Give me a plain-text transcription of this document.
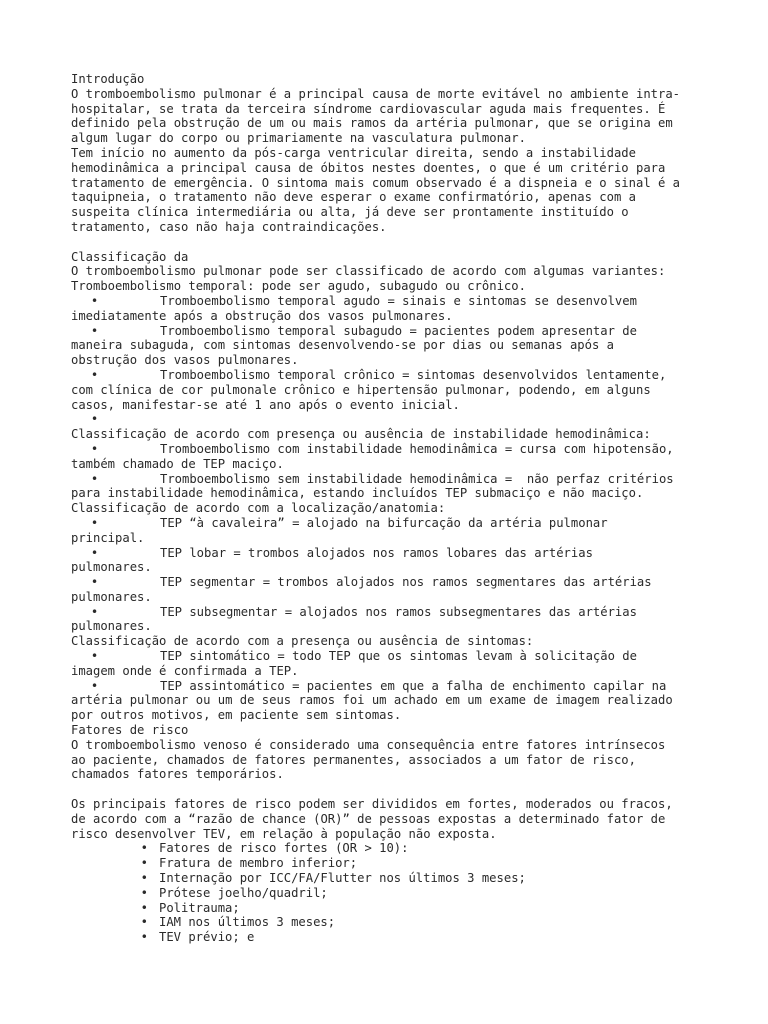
Introdução
O tromboembolismo pulmonar é a principal causa de morte evitável no ambiente intra-
hospitalar, se trata da terceira síndrome cardiovascular aguda mais frequentes. É
definido pela obstrução de um ou mais ramos da artéria pulmonar, que se origina em
algum lugar do corpo ou primariamente na vasculatura pulmonar.
Tem início no aumento da pós-carga ventricular direita, sendo a instabilidade
hemodinâmica a principal causa de óbitos nestes doentes, o que é um critério para
tratamento de emergência. O sintoma mais comum observado é a dispneia e o sinal é a
taquipneia, o tratamento não deve esperar o exame confirmatório, apenas com a
suspeita clínica intermediária ou alta, já deve ser prontamente instituído o
tratamento, caso não haja contraindicações.
Classificação da
O tromboembolismo pulmonar pode ser classificado de acordo com algumas variantes:
Tromboembolismo temporal: pode ser agudo, subagudo ou crônico.
•	Tromboembolismo temporal agudo = sinais e sintomas se desenvolvem
imediatamente após a obstrução dos vasos pulmonares.
•	Tromboembolismo temporal subagudo = pacientes podem apresentar de
maneira subaguda, com sintomas desenvolvendo-se por dias ou semanas após a
obstrução dos vasos pulmonares.
•	Tromboembolismo temporal crônico = sintomas desenvolvidos lentamente,
com clínica de cor pulmonale crônico e hipertensão pulmonar, podendo, em alguns
casos, manifestar-se até 1 ano após o evento inicial.
•
Classificação de acordo com presença ou ausência de instabilidade hemodinâmica:
•	Tromboembolismo com instabilidade hemodinâmica = cursa com hipotensão,
também chamado de TEP maciço.
•	Tromboembolismo sem instabilidade hemodinâmica =  não perfaz critérios
para instabilidade hemodinâmica, estando incluídos TEP submaciço e não maciço.
Classificação de acordo com a localização/anatomia:
•	TEP “à cavaleira” = alojado na bifurcação da artéria pulmonar
principal.
•	TEP lobar = trombos alojados nos ramos lobares das artérias
pulmonares.
•	TEP segmentar = trombos alojados nos ramos segmentares das artérias
pulmonares.
•	TEP subsegmentar = alojados nos ramos subsegmentares das artérias
pulmonares.
Classificação de acordo com a presença ou ausência de sintomas:
•	TEP sintomático = todo TEP que os sintomas levam à solicitação de
imagem onde é confirmada a TEP.
•	TEP assintomático = pacientes em que a falha de enchimento capilar na
artéria pulmonar ou um de seus ramos foi um achado em um exame de imagem realizado
por outros motivos, em paciente sem sintomas.
Fatores de risco
O tromboembolismo venoso é considerado uma consequência entre fatores intrínsecos
ao paciente, chamados de fatores permanentes, associados a um fator de risco,
chamados fatores temporários.
Os principais fatores de risco podem ser divididos em fortes, moderados ou fracos,
de acordo com a “razão de chance (OR)” de pessoas expostas a determinado fator de
risco desenvolver TEV, em relação à população não exposta.
• Fatores de risco fortes (OR > 10):
• Fratura de membro inferior;
• Internação por ICC/FA/Flutter nos últimos 3 meses;
• Prótese joelho/quadril;
• Politrauma;
• IAM nos últimos 3 meses;
• TEV prévio; e
